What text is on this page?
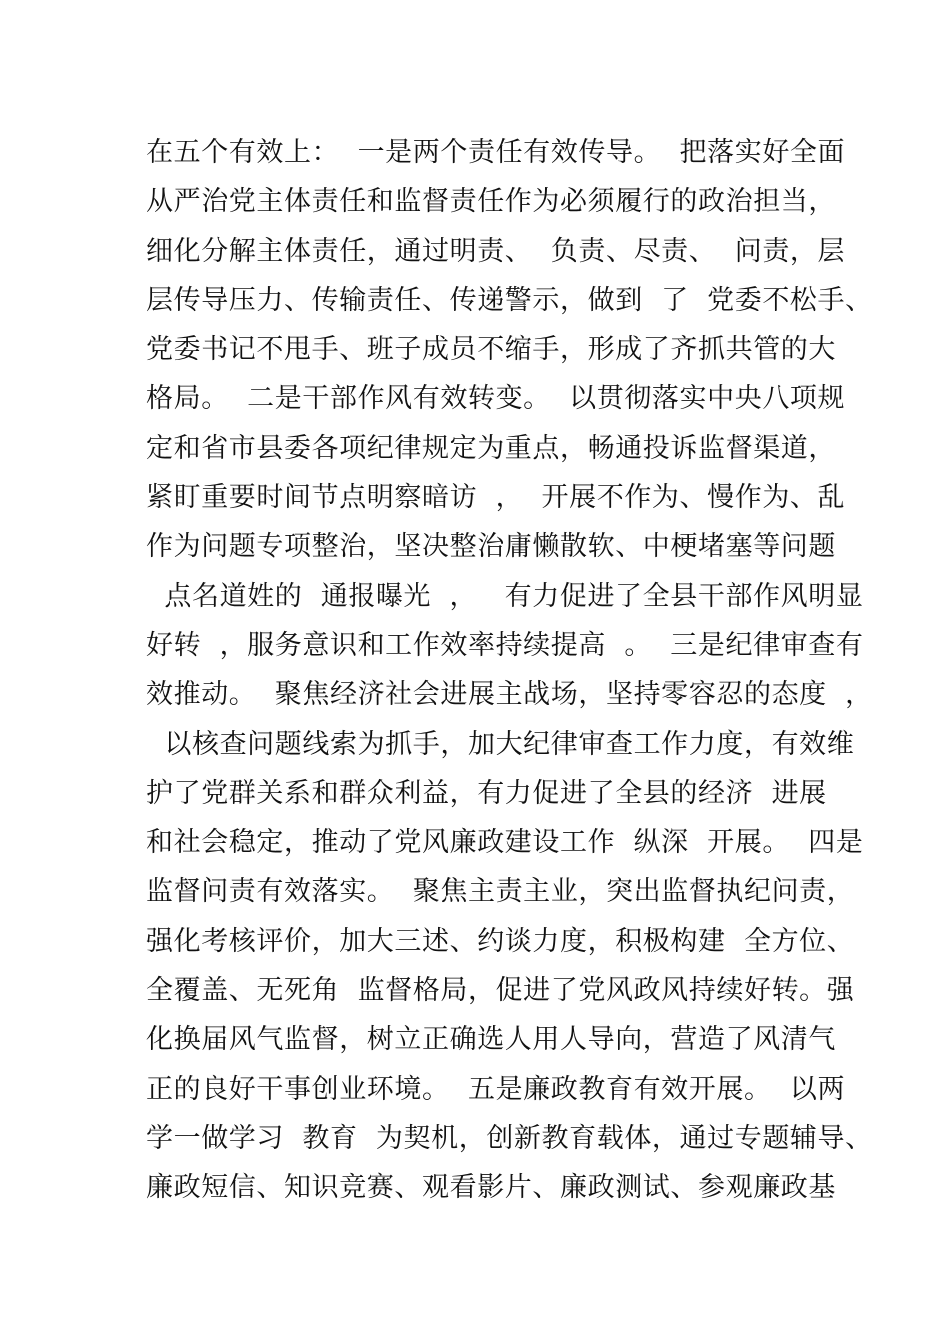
在五个有效上：  一是两个责任有效传导。  把落实好全面
从严治党主体责任和监督责任作为必须履行的政治担当，
细化分解主体责任，通过明责、  负责、尽责、  问责，层
层传导压力、传输责任、传递警示，做到  了  党委不松手、
党委书记不甩手、班子成员不缩手，形成了齐抓共管的大
格局。  二是干部作风有效转变。  以贯彻落实中央八项规
定和省市县委各项纪律规定为重点，畅通投诉监督渠道，
紧盯重要时间节点明察暗访  ，  开展不作为、慢作为、乱
作为问题专项整治，坚决整治庸懒散软、中梗堵塞等问题
点名道姓的  通报曝光  ，   有力促进了全县干部作风明显
好转  ，服务意识和工作效率持续提高  。  三是纪律审查有
效推动。  聚焦经济社会进展主战场，坚持零容忍的态度  ，
以核查问题线索为抓手，加大纪律审查工作力度，有效维
护了党群关系和群众利益，有力促进了全县的经济  进展
和社会稳定，推动了党风廉政建设工作  纵深  开展。  四是
监督问责有效落实。  聚焦主责主业，突出监督执纪问责，
强化考核评价，加大三述、约谈力度，积极构建  全方位、
全覆盖、无死角  监督格局，促进了党风政风持续好转。强
化换届风气监督，树立正确选人用人导向，营造了风清气
正的良好干事创业环境。  五是廉政教育有效开展。  以两
学一做学习  教育  为契机，创新教育载体，通过专题辅导、
廉政短信、知识竞赛、观看影片、廉政测试、参观廉政基
